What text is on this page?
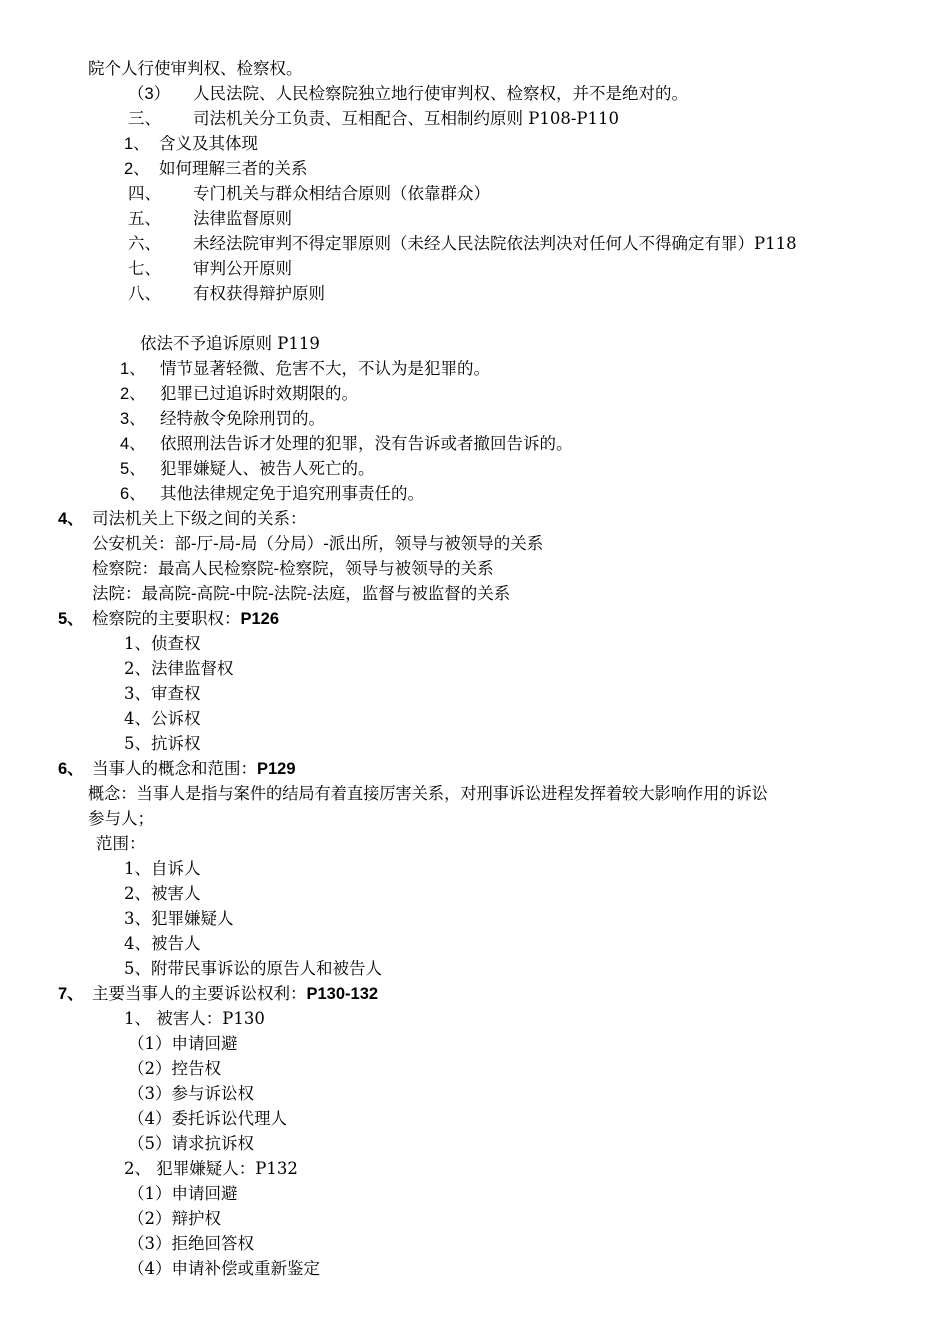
院个人行使审判权、检察权。
（3） 人民法院、人民检察院独立地行使审判权、检察权，并不是绝对的。
三、 司法机关分工负责、互相配合、互相制约原则 P108-P110
1、 含义及其体现
2、 如何理解三者的关系
四、 专门机关与群众相结合原则（依靠群众）
五、 法律监督原则
六、 未经法院审判不得定罪原则（未经人民法院依法判决对任何人不得确定有罪）P118
七、 审判公开原则
八、 有权获得辩护原则
依法不予追诉原则 P119
1、 情节显著轻微、危害不大，不认为是犯罪的。
2、 犯罪已过追诉时效期限的。
3、 经特赦令免除刑罚的。
4、 依照刑法告诉才处理的犯罪，没有告诉或者撤回告诉的。
5、 犯罪嫌疑人、被告人死亡的。
6、 其他法律规定免于追究刑事责任的。
4、 司法机关上下级之间的关系：
公安机关：部-厅-局-局（分局）-派出所，领导与被领导的关系
检察院：最高人民检察院-检察院，领导与被领导的关系
法院：最高院-高院-中院-法院-法庭，监督与被监督的关系
5、 检察院的主要职权：P126
1、侦查权
2、法律监督权
3、审查权
4、公诉权
5、抗诉权
6、 当事人的概念和范围：P129
概念：当事人是指与案件的结局有着直接厉害关系，对刑事诉讼进程发挥着较大影响作用的诉讼
参与人；
范围：
1、自诉人
2、被害人
3、犯罪嫌疑人
4、被告人
5、附带民事诉讼的原告人和被告人
7、 主要当事人的主要诉讼权利：P130-132
1、 被害人：P130
（1）申请回避
（2）控告权
（3）参与诉讼权
（4）委托诉讼代理人
（5）请求抗诉权
2、 犯罪嫌疑人：P132
（1）申请回避
（2）辩护权
（3）拒绝回答权
（4）申请补偿或重新鉴定
